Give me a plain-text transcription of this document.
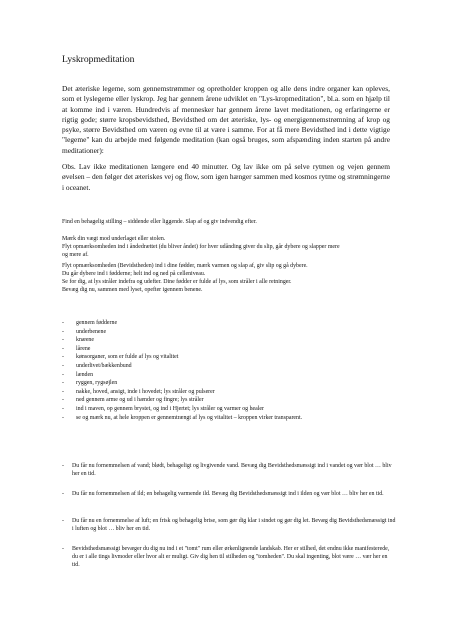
Lyskropmeditation

Det æteriske legeme, som gennemstrømmer og opretholder kroppen og alle dens indre organer kan opleves, som et lyslegeme eller lyskrop. Jeg har gennem årene udviklet en "Lys-kropmeditation", bl.a. som en hjælp til at komme ind i væren. Hundredvis af mennesker har gennem årene lavet meditationen, og erfaringerne er rigtig gode; større kropsbevidsthed, Bevidsthed om det æteriske, lys- og energigennemstrømning af krop og psyke, større Bevidsthed om væren og evne til at være i samme. For at få mere Bevidsthed ind i dette vigtige "legeme" kan du arbejde med følgende meditation (kan også bruges, som afspænding inden starten på andre meditationer):

Obs. Lav ikke meditationen længere end 40 minutter. Og lav ikke om på selve rytmen og vejen gennem øvelsen – den følger det æteriskes vej og flow, som igen hænger sammen med kosmos rytme og strømningerne i oceanet.

Find en behagelig stilling – siddende eller liggende. Slap af og giv indvendig efter.

Mærk din vægt mod underlaget eller stolen.
Flyt opmærksomheden ind i åndedrættet (du bliver åndet) for hver udånding giver du slip, går dybere og slapper mere
og mere af.

Flyt opmærksomheden (Bevidstheden) ind i dine fødder, mærk varmen og slap af, giv slip og gå dybere.
Du går dybere ind i fødderne; helt ind og ned på celleniveau.
Se for dig, at lys stråler indefra og udefter. Dine fødder er fulde af lys, som stråler i alle retninger.
Bevæg dig nu, sammen med lyset, opefter igennem benene.

- gennem fødderne
- underbenene
- knæene
- lårene
- kønsorganer, som er fulde af lys og vitalitet
- underlivet/bækkenbund
- lænden
- ryggen, rygsøjlen
- nakke, hoved, ansigt, inde i hovedet; lys stråler og pulserer
- ned gennem arme og ud i hænder og fingre; lys stråler
- ind i maven, op gennem brystet, og ind i Hjertet; lys stråler og varmer og healer
- se og mærk nu, at hele kroppen er gennemtrængt af lys og vitalitet – kroppen virker transparent.
- Du får nu fornemmelsen af vand; blødt, behageligt og livgivende vand. Bevæg dig Bevidsthedsmæssigt ind i vandet og vær blot … bliv her en tid.
- Du får nu fornemmelsen af ild; en behagelig varmende ild. Bevæg dig Bevidsthedsmæssigt ind i ilden og vær blot … bliv her en tid.
- Du får nu en fornemmelse af luft; en frisk og behagelig brise, som gør dig klar i sindet og gør dig let. Bevæg dig Bevidsthedsmæssigt ind i luften og blot … bliv her en tid.
- Bevidsthedsmæssigt bevæger du dig nu ind i et "tomt" rum eller ørkenlignende landskab. Her er stilhed, det endnu ikke manifesterede, du er i alle tings livmoder eller hvor alt er muligt. Giv dig hen til stilheden og "tomheden". Du skal ingenting, blot være … vær her en tid.
